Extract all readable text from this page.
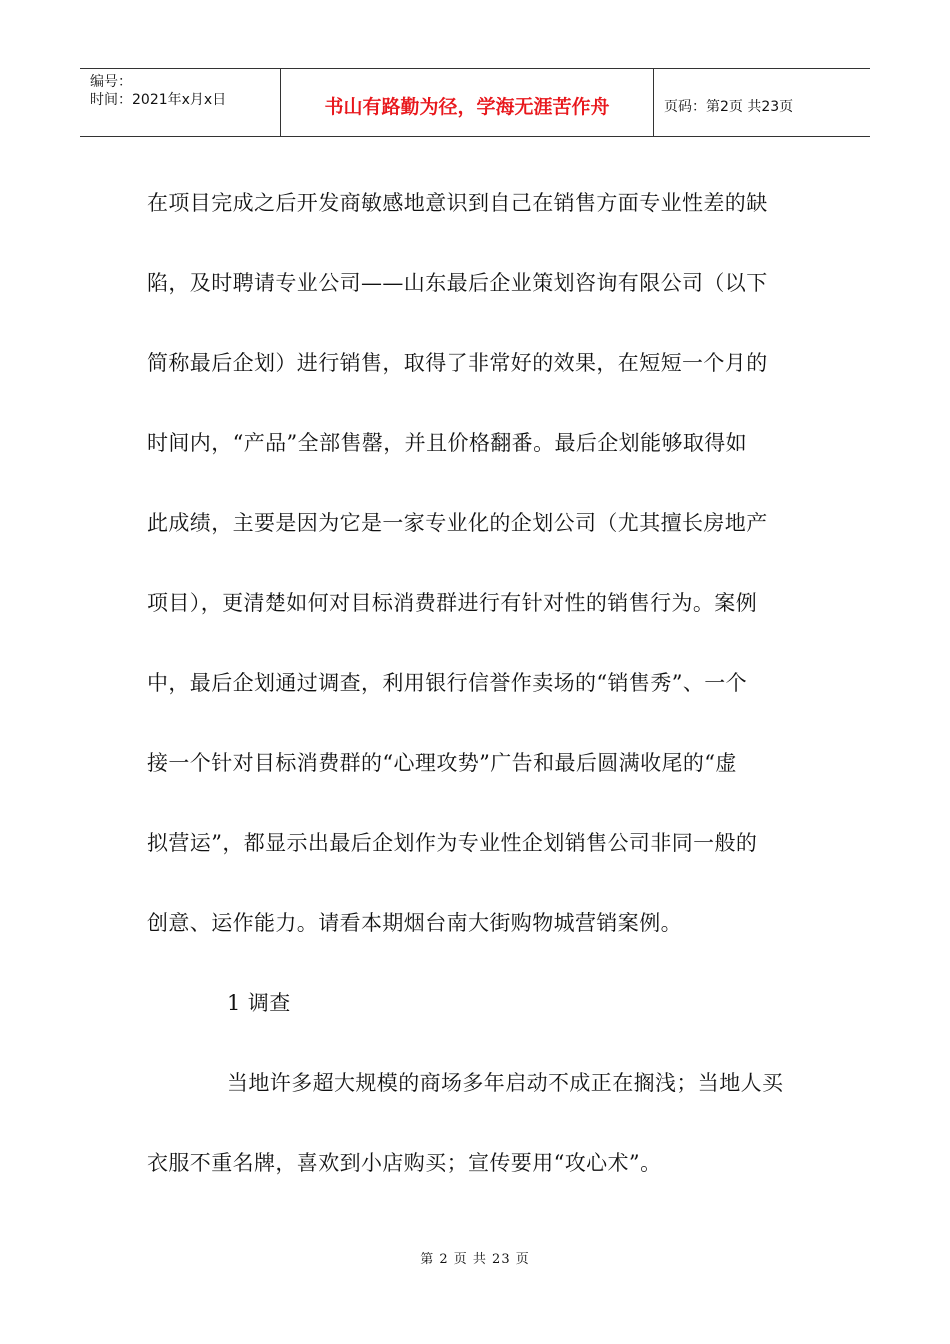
编号：
时间：2021年x月x日	书山有路勤为径，学海无涯苦作舟	页码：第2页 共23页

在项目完成之后开发商敏感地意识到自己在销售方面专业性差的缺

陷，及时聘请专业公司——山东最后企业策划咨询有限公司（以下

简称最后企划）进行销售，取得了非常好的效果，在短短一个月的

时间内，“产品”全部售罄，并且价格翻番。最后企划能够取得如

此成绩，主要是因为它是一家专业化的企划公司（尤其擅长房地产

项目），更清楚如何对目标消费群进行有针对性的销售行为。案例

中，最后企划通过调查，利用银行信誉作卖场的“销售秀”、一个

接一个针对目标消费群的“心理攻势”广告和最后圆满收尾的“虚

拟营运”，都显示出最后企划作为专业性企划销售公司非同一般的

创意、运作能力。请看本期烟台南大街购物城营销案例。

1 调查

当地许多超大规模的商场多年启动不成正在搁浅；当地人买

衣服不重名牌，喜欢到小店购买；宣传要用“攻心术”。

第 2 页 共 23 页
